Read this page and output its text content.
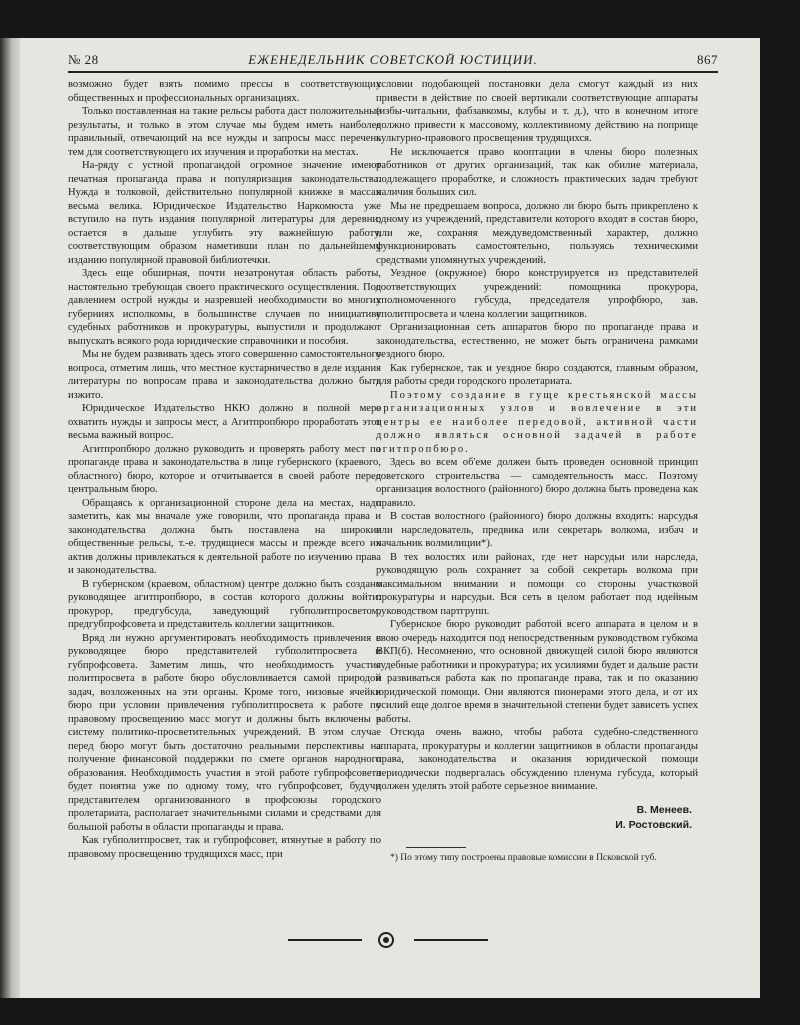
№ 28	ЕЖЕНЕДЕЛЬНИК СОВЕТСКОЙ ЮСТИЦИИ.	867

возможно будет взять помимо прессы в соответствующих общественных и профессиональных организациях.

Только поставленная на такие рельсы работа даст положительные результаты, и только в этом случае мы будем иметь наиболее правильный, отвечающий на все нужды и запросы масс перечень тем для соответствующего их изучения и проработки на местах.

На-ряду с устной пропагандой огромное значение имеют печатная пропаганда права и популяризация законодательства. Нужда в толковой, действительно популярной книжке в массах весьма велика. Юридическое Издательство Наркомюста уже вступило на путь издания популярной литературы для деревни; остается в дальше углубить эту важнейшую работу, соответствующим образом наметивши план по дальнейшему изданию популярной правовой библиотечки.

Здесь еще обширная, почти незатронутая область работы, настоятельно требующая своего практического осуществления. Под давлением острой нужды и назревшей необходимости во многих губерниях исполкомы, в большинстве случаев по инициативе судебных работников и прокуратуры, выпустили и продолжают выпускать всякого рода юридические справочники и пособия.

Мы не будем развивать здесь этого совершенно самостоятельного вопроса, отметим лишь, что местное кустарничество в деле издания литературы по вопросам права и законодательства должно быть изжито.

Юридическое Издательство НКЮ должно в полной мере охватить нужды и запросы мест, а Агитпропбюро проработать этот весьма важный вопрос.

Агитпропбюро должно руководить и проверять работу мест по пропаганде права и законодательства в лице губернского (краевого, областного) бюро, которое и отчитывается в своей работе перед центральным бюро.

Обращаясь к организационной стороне дела на местах, надо заметить, как мы вначале уже говорили, что пропаганда права и законодательства должна быть поставлена на широкие общественные рельсы, т.-е. трудящиеся массы и прежде всего их актив должны привлекаться к деятельной работе по изучению права и законодательства.

В губернском (краевом, областном) центре должно быть создано руководящее агитпропбюро, в состав которого должны войти: прокурор, предгубсуда, заведующий губполитпросветом, предгубпрофсовета и представитель коллегии защитников.

Вряд ли нужно аргументировать необходимость привлечения в руководящее бюро представителей губполитпросвета и губпрофсовета. Заметим лишь, что необходимость участия политпросвета в работе бюро обусловливается самой природой задач, возложенных на эти органы. Кроме того, низовые ячейки бюро при условии привлечения губполитпросвета к работе по правовому просвещению масс могут и должны быть включены в систему политико-просветительных учреждений. В этом случае перед бюро могут быть достаточно реальными перспективы на получение финансовой поддержки по смете органов народного образования. Необходимость участия в этой работе губпрофсовета будет понятна уже по одному тому, что губпрофсовет, будучи представителем организованного в профсоюзы городского пролетариата, располагает значительными силами и средствами для большой работы в области пропаганды и права.

Как губполитпросвет, так и губпрофсовет, втянутые в работу по правовому просвещению трудящихся масс, при

условии подобающей постановки дела смогут каждый из них привести в действие по своей вертикали соответствующие аппараты (избы-читальни, фабзавкомы, клубы и т. д.), что в конечном итоге должно привести к массовому, коллективному действию на поприще культурно-правового просвещения трудящихся.

Не исключается право кооптации в члены бюро полезных работников от других организаций, так как обилие материала, подлежащего проработке, и сложность практических задач требуют наличия больших сил.

Мы не предрешаем вопроса, должно ли бюро быть прикреплено к одному из учреждений, представители которого входят в состав бюро, или же, сохраняя междуведомственный характер, должно функционировать самостоятельно, пользуясь техническими средствами упомянутых учреждений.

Уездное (окружное) бюро конструируется из представителей соответствующих учреждений: помощника прокурора, уполномоченного губсуда, председателя упрофбюро, зав. уполитпросвета и члена коллегии защитников.

Организационная сеть аппаратов бюро по пропаганде права и законодательства, естественно, не может быть ограничена рамками уездного бюро.

Как губернское, так и уездное бюро создаются, главным образом, для работы среди городского пролетариата.

Поэтому создание в гуще крестьянской массы организационных узлов и вовлечение в эти центры ее наиболее передовой, активной части должно являться основной задачей в работе агитпропбюро.

Здесь во всем об'еме должен быть проведен основной принцип советского строительства — самодеятельность масс. Поэтому организация волостного (районного) бюро должна быть проведена как правило.

В состав волостного (районного) бюро должны входить: нарсудья или нарследователь, предвика или секретарь волкома, избач и начальник волмилиции*).

В тех волостях или районах, где нет нарсудьи или нарследа, руководящую роль сохраняет за собой секретарь волкома при максимальном внимании и помощи со стороны участковой прокуратуры и нарсудьи. Вся сеть в целом работает под идейным руководством партгрупп.

Губернское бюро руководит работой всего аппарата в целом и в свою очередь находится под непосредственным руководством губкома ВКП(б). Несомненно, что основной движущей силой бюро являются судебные работники и прокуратура; их усилиями будет и дальше расти и развиваться работа как по пропаганде права, так и по оказанию юридической помощи. Они являются пионерами этого дела, и от их усилий еще долгое время в значительной степени будет зависеть успех работы.

Отсюда очень важно, чтобы работа судебно-следственного аппарата, прокуратуры и коллегии защитников в области пропаганды права, законодательства и оказания юридической помощи периодически подвергалась обсуждению пленума губсуда, который должен уделять этой работе серьезное внимание.

В. Менеев.
И. Ростовский.

*) По этому типу построены правовые комиссии в Псковской губ.
